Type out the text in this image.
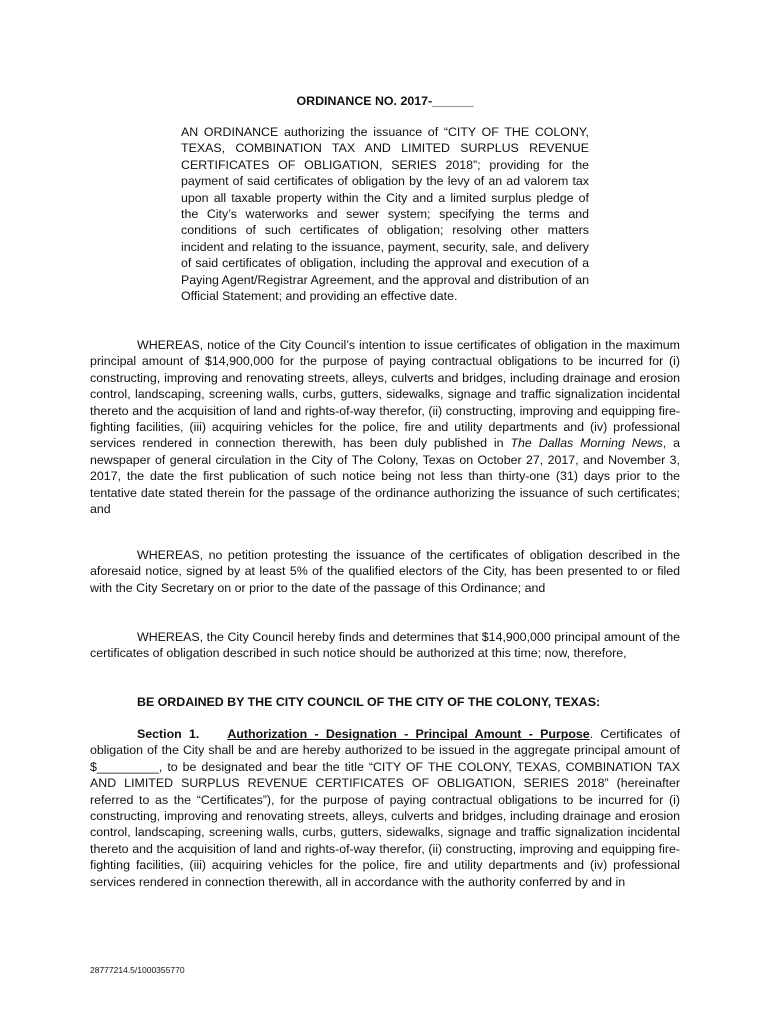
ORDINANCE NO. 2017-______

AN ORDINANCE authorizing the issuance of “CITY OF THE COLONY, TEXAS, COMBINATION TAX AND LIMITED SURPLUS REVENUE CERTIFICATES OF OBLIGATION, SERIES 2018”; providing for the payment of said certificates of obligation by the levy of an ad valorem tax upon all taxable property within the City and a limited surplus pledge of the City’s waterworks and sewer system; specifying the terms and conditions of such certificates of obligation; resolving other matters incident and relating to the issuance, payment, security, sale, and delivery of said certificates of obligation, including the approval and execution of a Paying Agent/Registrar Agreement, and the approval and distribution of an Official Statement; and providing an effective date.

WHEREAS, notice of the City Council’s intention to issue certificates of obligation in the maximum principal amount of $14,900,000 for the purpose of paying contractual obligations to be incurred for (i) constructing, improving and renovating streets, alleys, culverts and bridges, including drainage and erosion control, landscaping, screening walls, curbs, gutters, sidewalks, signage and traffic signalization incidental thereto and the acquisition of land and rights-of-way therefor, (ii) constructing, improving and equipping fire-fighting facilities, (iii) acquiring vehicles for the police, fire and utility departments and (iv) professional services rendered in connection therewith, has been duly published in The Dallas Morning News, a newspaper of general circulation in the City of The Colony, Texas on October 27, 2017, and November 3, 2017, the date the first publication of such notice being not less than thirty-one (31) days prior to the tentative date stated therein for the passage of the ordinance authorizing the issuance of such certificates; and

WHEREAS, no petition protesting the issuance of the certificates of obligation described in the aforesaid notice, signed by at least 5% of the qualified electors of the City, has been presented to or filed with the City Secretary on or prior to the date of the passage of this Ordinance; and

WHEREAS, the City Council hereby finds and determines that $14,900,000 principal amount of the certificates of obligation described in such notice should be authorized at this time; now, therefore,

BE ORDAINED BY THE CITY COUNCIL OF THE CITY OF THE COLONY, TEXAS:

Section 1. Authorization - Designation - Principal Amount - Purpose. Certificates of obligation of the City shall be and are hereby authorized to be issued in the aggregate principal amount of $_________, to be designated and bear the title “CITY OF THE COLONY, TEXAS, COMBINATION TAX AND LIMITED SURPLUS REVENUE CERTIFICATES OF OBLIGATION, SERIES 2018” (hereinafter referred to as the “Certificates”), for the purpose of paying contractual obligations to be incurred for (i) constructing, improving and renovating streets, alleys, culverts and bridges, including drainage and erosion control, landscaping, screening walls, curbs, gutters, sidewalks, signage and traffic signalization incidental thereto and the acquisition of land and rights-of-way therefor, (ii) constructing, improving and equipping fire-fighting facilities, (iii) acquiring vehicles for the police, fire and utility departments and (iv) professional services rendered in connection therewith, all in accordance with the authority conferred by and in

28777214.5/1000355770
